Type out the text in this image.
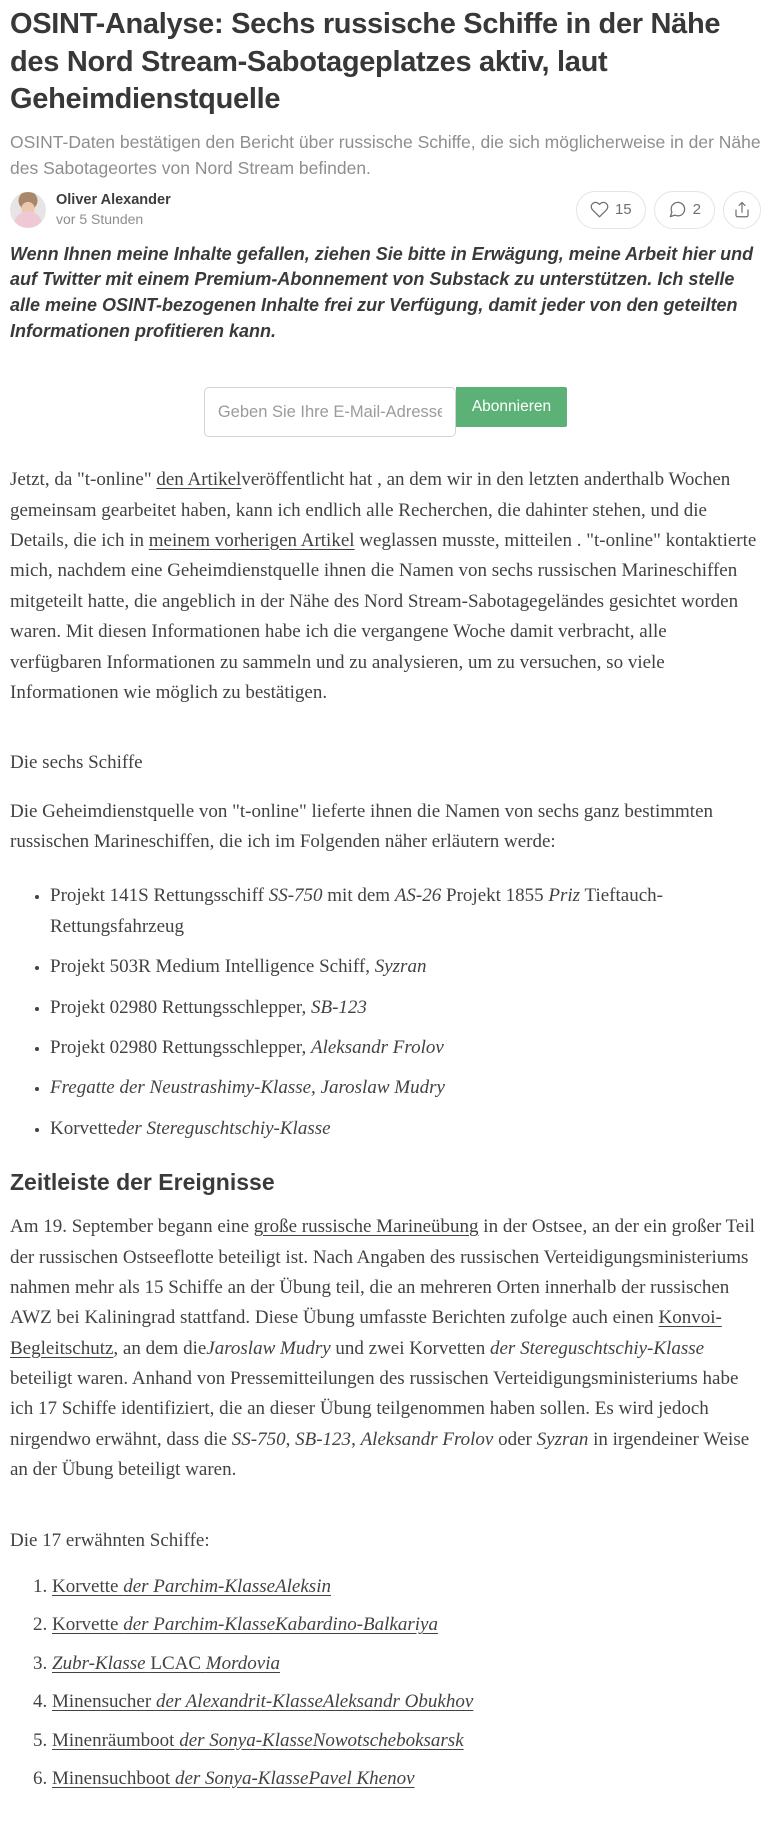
OSINT-Analyse: Sechs russische Schiffe in der Nähe des Nord Stream-Sabotageplatzes aktiv, laut Geheimdienstquelle

OSINT-Daten bestätigen den Bericht über russische Schiffe, die sich möglicherweise in der Nähe des Sabotageortes von Nord Stream befinden.

Oliver Alexander
vor 5 Stunden
15	2

Wenn Ihnen meine Inhalte gefallen, ziehen Sie bitte in Erwägung, meine Arbeit hier und auf Twitter mit einem Premium-Abonnement von Substack zu unterstützen. Ich stelle alle meine OSINT-bezogenen Inhalte frei zur Verfügung, damit jeder von den geteilten Informationen profitieren kann.

Geben Sie Ihre E-Mail-Adresse ein...
Abonnieren

Jetzt, da "t-online" den Artikelveröffentlicht hat , an dem wir in den letzten anderthalb Wochen gemeinsam gearbeitet haben, kann ich endlich alle Recherchen, die dahinter stehen, und die Details, die ich in meinem vorherigen Artikel weglassen musste, mitteilen . "t-online" kontaktierte mich, nachdem eine Geheimdienstquelle ihnen die Namen von sechs russischen Marineschiffen mitgeteilt hatte, die angeblich in der Nähe des Nord Stream-Sabotagegeländes gesichtet worden waren. Mit diesen Informationen habe ich die vergangene Woche damit verbracht, alle verfügbaren Informationen zu sammeln und zu analysieren, um zu versuchen, so viele Informationen wie möglich zu bestätigen.

Die sechs Schiffe

Die Geheimdienstquelle von "t-online" lieferte ihnen die Namen von sechs ganz bestimmten russischen Marineschiffen, die ich im Folgenden näher erläutern werde:

• Projekt 141S Rettungsschiff SS-750 mit dem AS-26 Projekt 1855 Priz Tieftauch-Rettungsfahrzeug
• Projekt 503R Medium Intelligence Schiff, Syzran
• Projekt 02980 Rettungsschlepper, SB-123
• Projekt 02980 Rettungsschlepper, Aleksandr Frolov
• Fregatte der Neustrashimy-Klasse, Jaroslaw Mudry
• Korvetteder Stereguschtschiy-Klasse
Zeitleiste der Ereignisse

Am 19. September begann eine große russische Marineübung in der Ostsee, an der ein großer Teil der russischen Ostseeflotte beteiligt ist. Nach Angaben des russischen Verteidigungsministeriums nahmen mehr als 15 Schiffe an der Übung teil, die an mehreren Orten innerhalb der russischen AWZ bei Kaliningrad stattfand. Diese Übung umfasste Berichten zufolge auch einen Konvoi-Begleitschutz, an dem dieJaroslaw Mudry und zwei Korvetten der Stereguschtschiy-Klasse beteiligt waren. Anhand von Pressemitteilungen des russischen Verteidigungsministeriums habe ich 17 Schiffe identifiziert, die an dieser Übung teilgenommen haben sollen. Es wird jedoch nirgendwo erwähnt, dass die SS-750, SB-123, Aleksandr Frolov oder Syzran in irgendeiner Weise an der Übung beteiligt waren.

Die 17 erwähnten Schiffe:

1. Korvette der Parchim-KlasseAleksin
2. Korvette der Parchim-KlasseKabardino-Balkariya
3. Zubr-Klasse LCAC Mordovia
4. Minensucher der Alexandrit-KlasseAleksandr Obukhov
5. Minenräumboot der Sonya-KlasseNowotscheboksarsk
6. Minensuchboot der Sonya-KlassePavel Khenov
